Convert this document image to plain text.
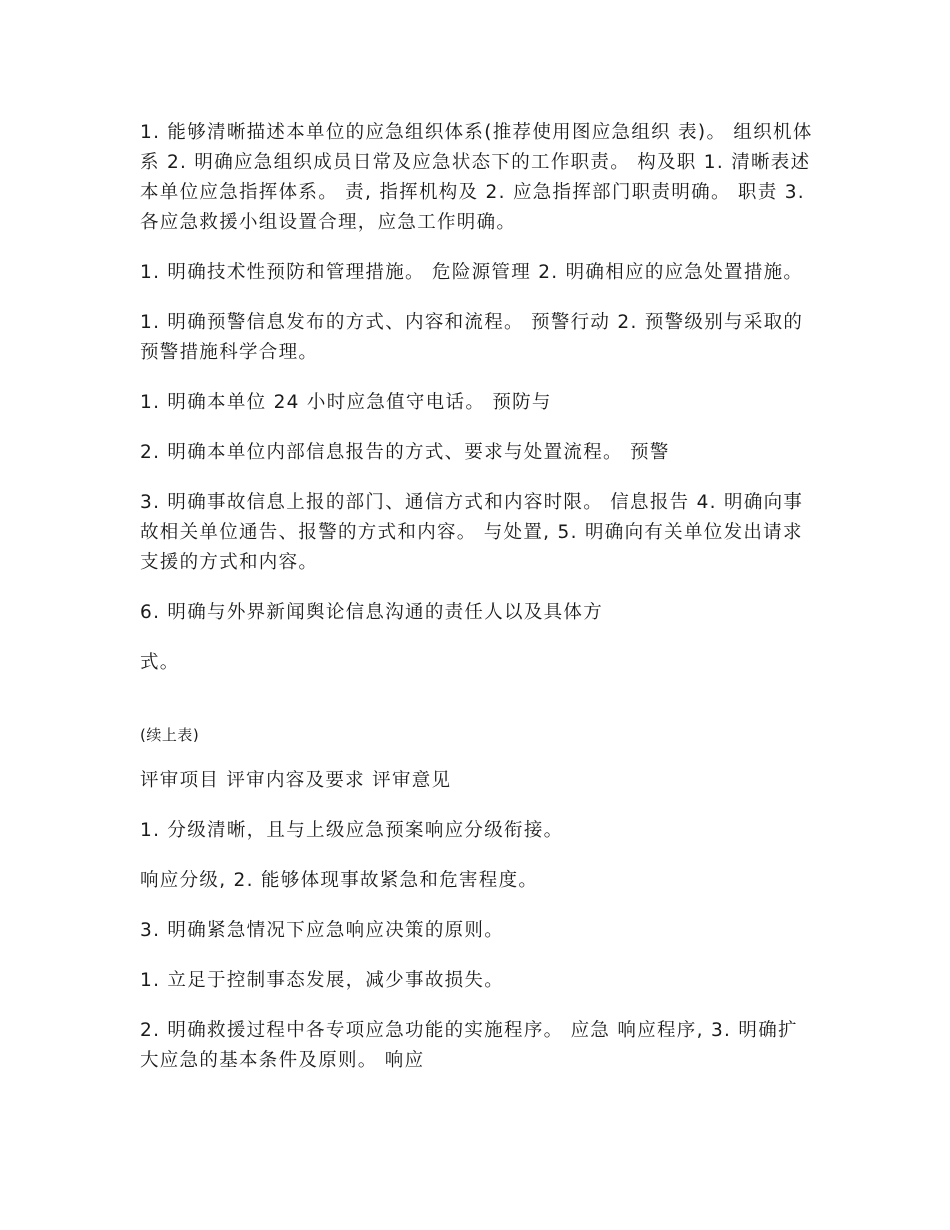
1. 能够清晰描述本单位的应急组织体系(推荐使用图应急组织 表)。 组织机体系 2. 明确应急组织成员日常及应急状态下的工作职责。 构及职 1. 清晰表述本单位应急指挥体系。 责, 指挥机构及 2. 应急指挥部门职责明确。 职责 3. 各应急救援小组设置合理，应急工作明确。

1. 明确技术性预防和管理措施。 危险源管理 2. 明确相应的应急处置措施。

1. 明确预警信息发布的方式、内容和流程。 预警行动 2. 预警级别与采取的预警措施科学合理。

1. 明确本单位 24 小时应急值守电话。 预防与

2. 明确本单位内部信息报告的方式、要求与处置流程。 预警

3. 明确事故信息上报的部门、通信方式和内容时限。 信息报告 4. 明确向事故相关单位通告、报警的方式和内容。 与处置, 5. 明确向有关单位发出请求支援的方式和内容。

6. 明确与外界新闻舆论信息沟通的责任人以及具体方

式。

(续上表)

评审项目 评审内容及要求 评审意见

1. 分级清晰，且与上级应急预案响应分级衔接。

响应分级, 2. 能够体现事故紧急和危害程度。

3. 明确紧急情况下应急响应决策的原则。

1. 立足于控制事态发展，减少事故损失。

2. 明确救援过程中各专项应急功能的实施程序。 应急 响应程序, 3. 明确扩大应急的基本条件及原则。 响应
